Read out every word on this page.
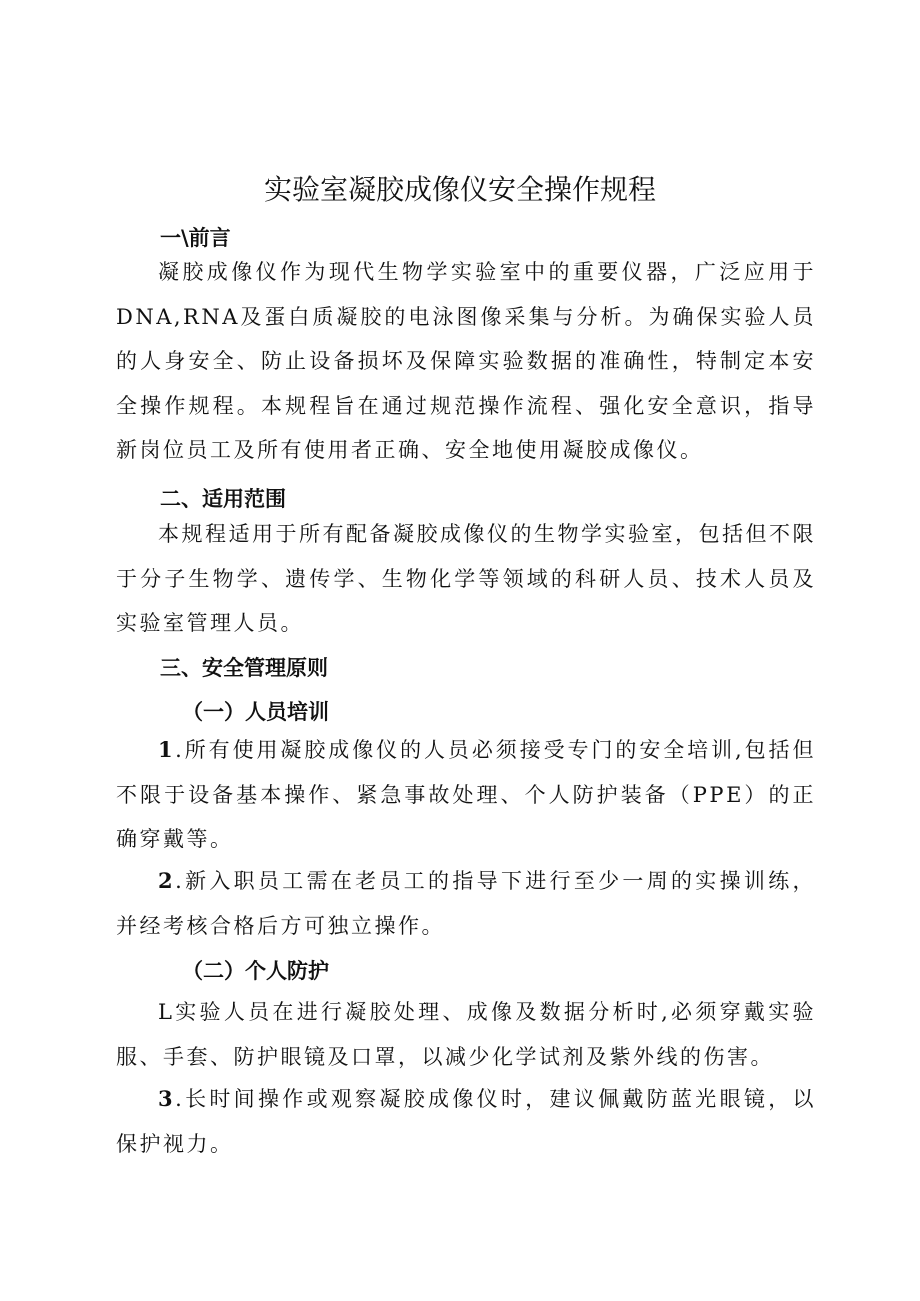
实验室凝胶成像仪安全操作规程
一\前言

凝胶成像仪作为现代生物学实验室中的重要仪器，广泛应用于DNA,RNA及蛋白质凝胶的电泳图像采集与分析。为确保实验人员的人身安全、防止设备损坏及保障实验数据的准确性，特制定本安全操作规程。本规程旨在通过规范操作流程、强化安全意识，指导新岗位员工及所有使用者正确、安全地使用凝胶成像仪。

二、适用范围

本规程适用于所有配备凝胶成像仪的生物学实验室，包括但不限于分子生物学、遗传学、生物化学等领域的科研人员、技术人员及实验室管理人员。

三、安全管理原则
（一）人员培训

1.所有使用凝胶成像仪的人员必须接受专门的安全培训,包括但不限于设备基本操作、紧急事故处理、个人防护装备（PPE）的正确穿戴等。

2.新入职员工需在老员工的指导下进行至少一周的实操训练，并经考核合格后方可独立操作。

（二）个人防护

L实验人员在进行凝胶处理、成像及数据分析时,必须穿戴实验服、手套、防护眼镜及口罩，以减少化学试剂及紫外线的伤害。

3.长时间操作或观察凝胶成像仪时，建议佩戴防蓝光眼镜，以保护视力。
